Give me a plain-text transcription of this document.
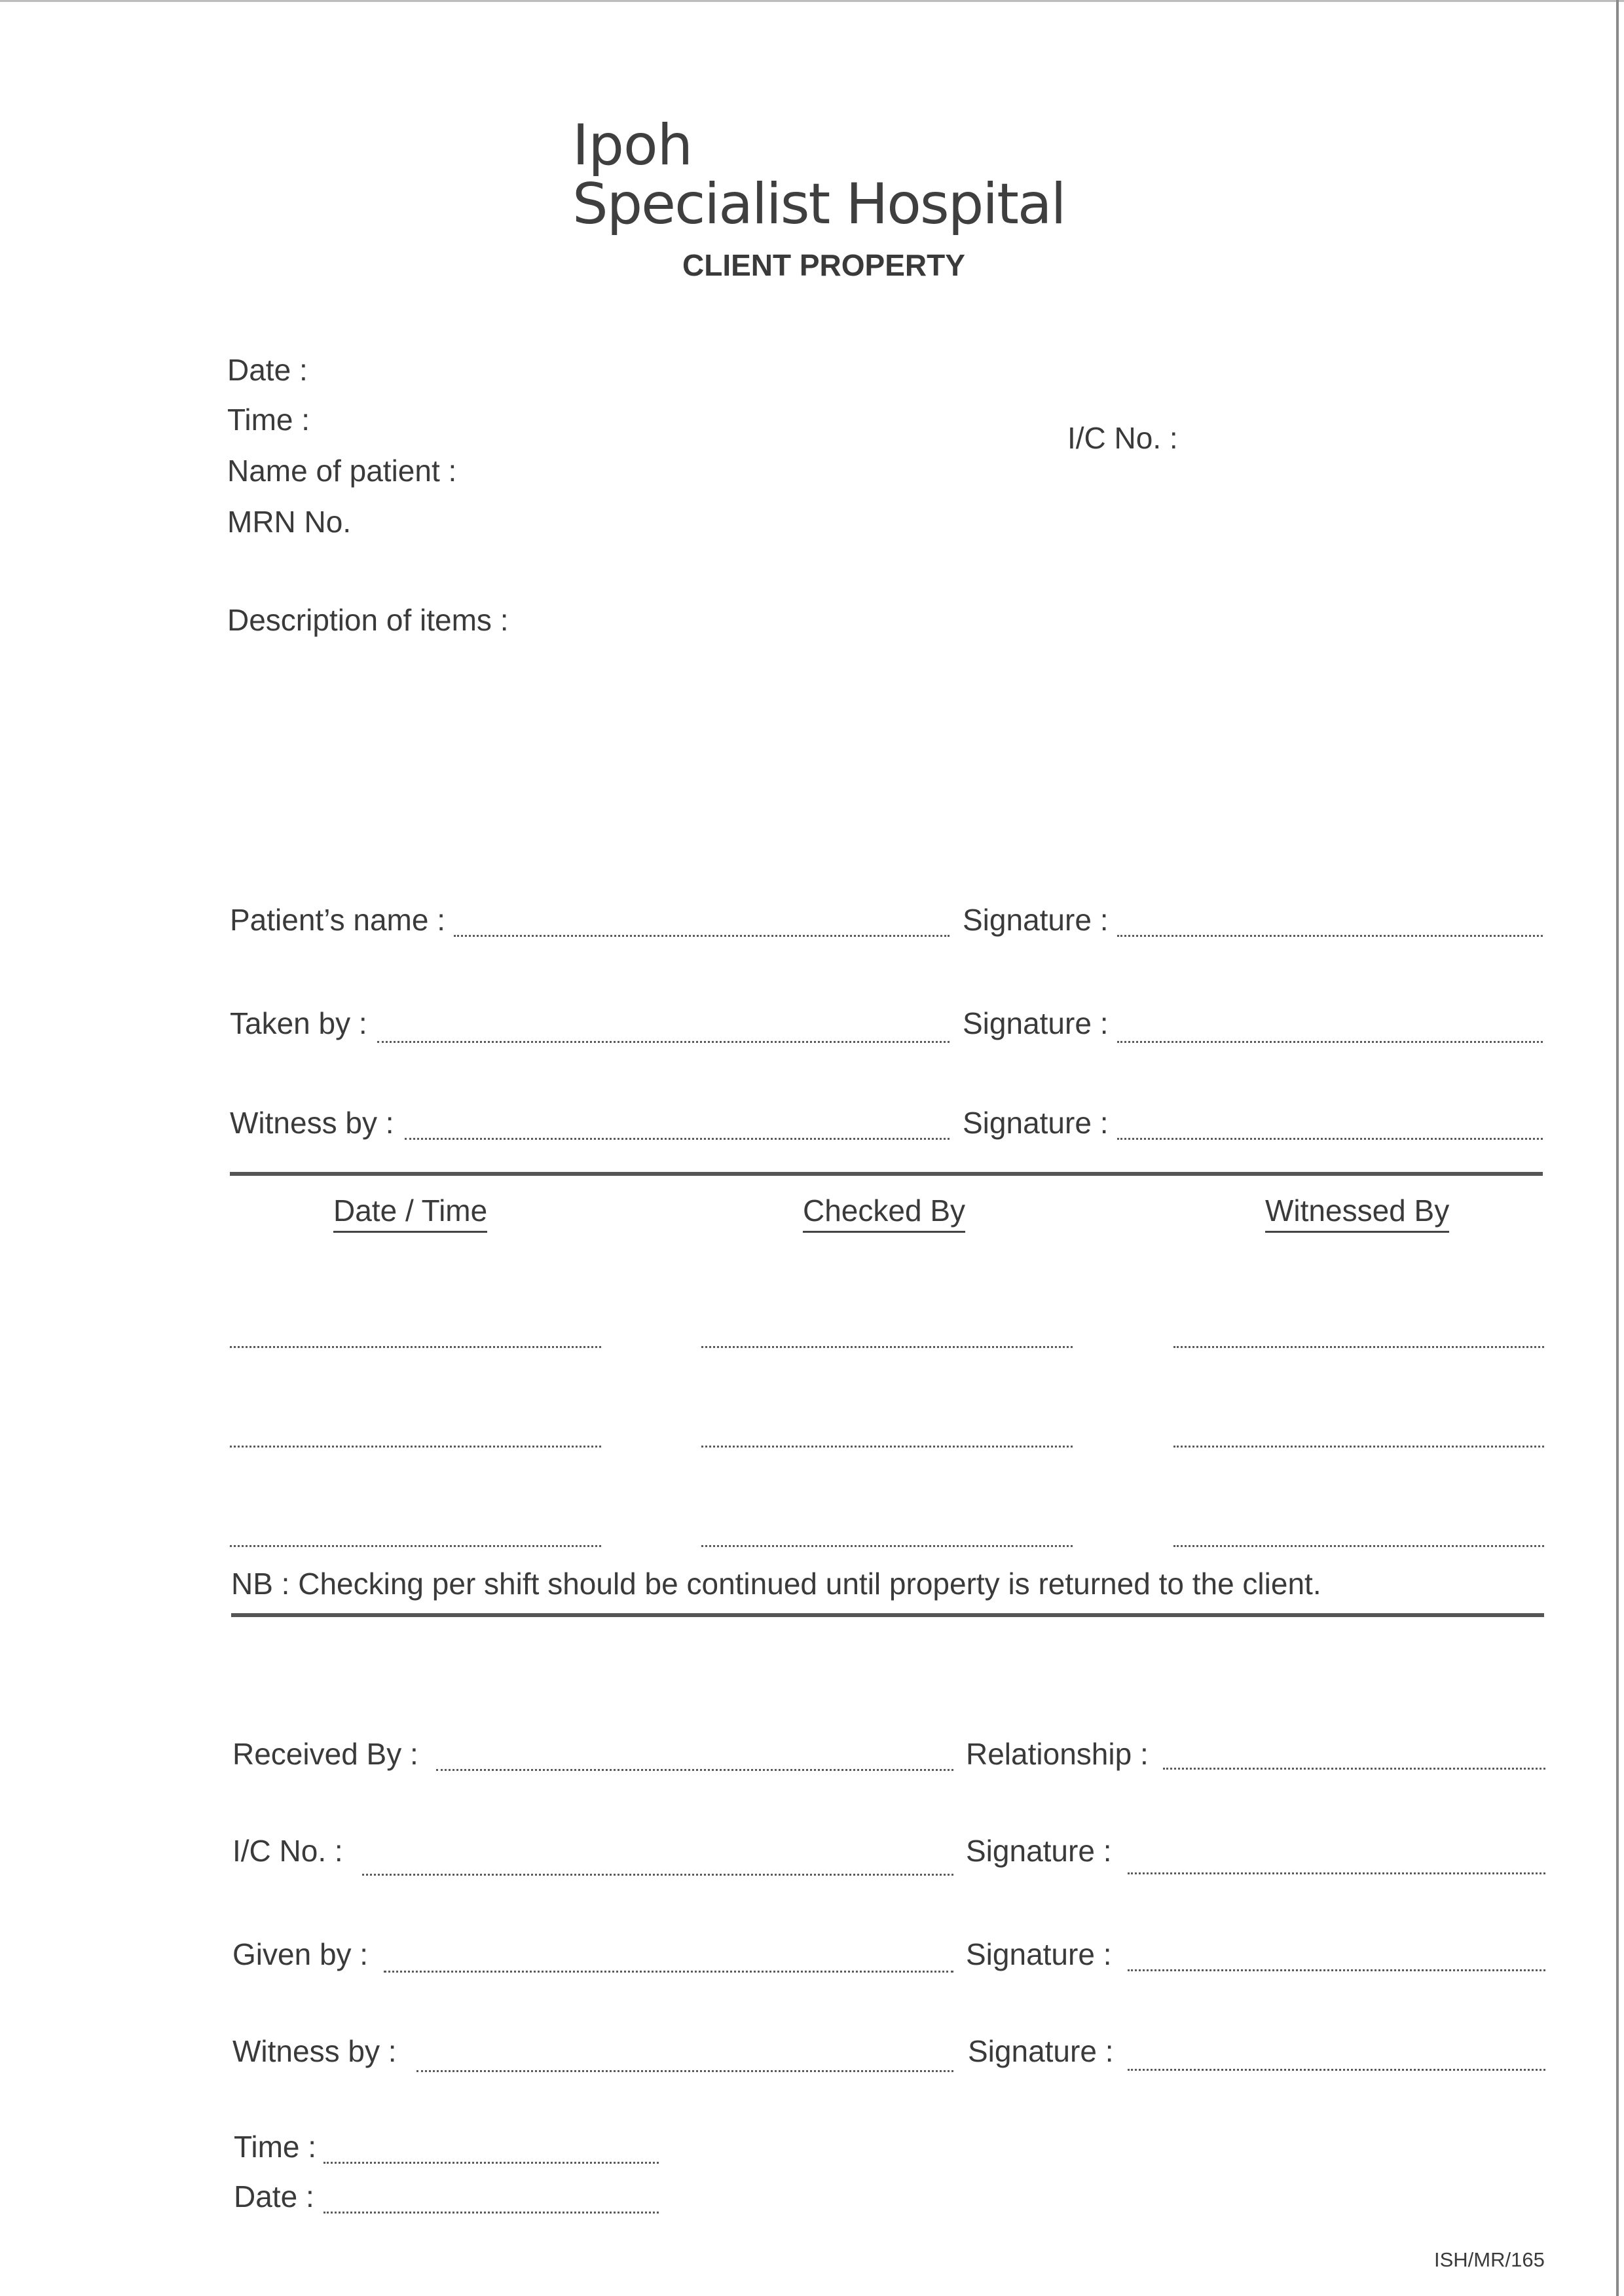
Ipoh
Specialist Hospital
CLIENT PROPERTY
Date :
Time :
Name of patient :
MRN No.
I/C No. :
Description of items :
Patient’s name :	Signature :
Taken by :	Signature :
Witness by :	Signature :
Date / Time	Checked By	Witnessed By
NB : Checking per shift should be continued until property is returned to the client.
Received By :	Relationship :
I/C No. :	Signature :
Given by :	Signature :
Witness by :	Signature :
Time :
Date :
ISH/MR/165
